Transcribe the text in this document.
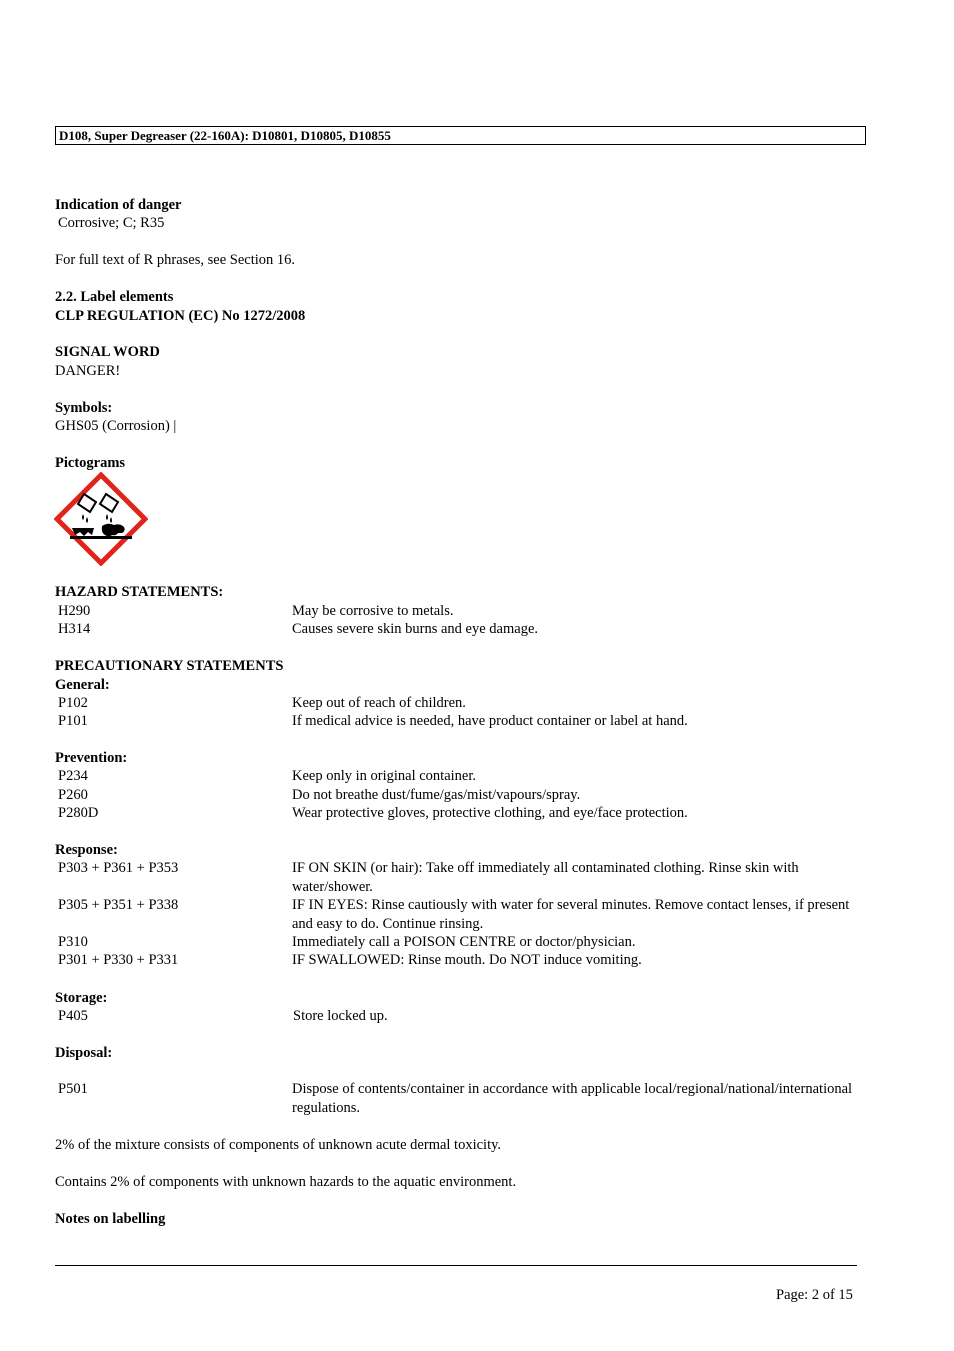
D108, Super Degreaser (22-160A): D10801, D10805, D10855
Indication of danger
Corrosive; C; R35
For full text of R phrases, see Section 16.
2.2. Label elements
CLP REGULATION (EC) No 1272/2008
SIGNAL WORD
DANGER!
Symbols:
GHS05 (Corrosion) |
Pictograms
HAZARD STATEMENTS:
H290	May be corrosive to metals.
H314	Causes severe skin burns and eye damage.
PRECAUTIONARY STATEMENTS
General:
P102	Keep out of reach of children.
P101	If medical advice is needed, have product container or label at hand.
Prevention:
P234	Keep only in original container.
P260	Do not breathe dust/fume/gas/mist/vapours/spray.
P280D	Wear protective gloves, protective clothing, and eye/face protection.
Response:
P303 + P361 + P353	IF ON SKIN (or hair): Take off immediately all contaminated clothing. Rinse skin with
water/shower.
P305 + P351 + P338	IF IN EYES: Rinse cautiously with water for several minutes. Remove contact lenses, if present
and easy to do. Continue rinsing.
P310	Immediately call a POISON CENTRE or doctor/physician.
P301 + P330 + P331	IF SWALLOWED: Rinse mouth. Do NOT induce vomiting.
Storage:
P405	Store locked up.
Disposal:
P501	Dispose of contents/container in accordance with applicable local/regional/national/international
regulations.
2% of the mixture consists of components of unknown acute dermal toxicity.
Contains 2% of components with unknown hazards to the aquatic environment.
Notes on labelling
Page: 2 of 15
